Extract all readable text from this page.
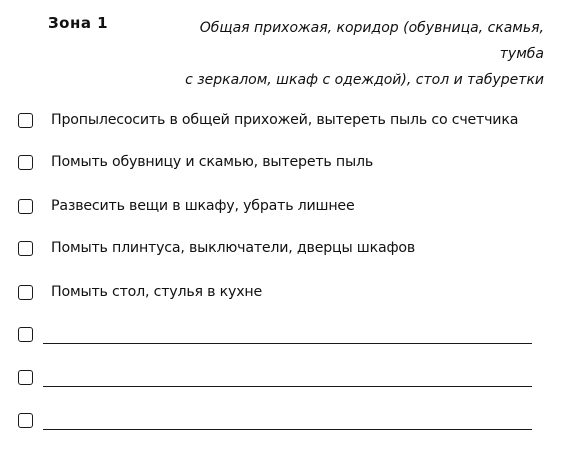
Зона 1	Общая прихожая, коридор (обувница, скамья, тумба
с зеркалом, шкаф с одеждой), стол и табуретки
Пропылесосить в общей прихожей, вытереть пыль со счетчика
Помыть обувницу и скамью, вытереть пыль
Развесить вещи в шкафу, убрать лишнее
Помыть плинтуса, выключатели, дверцы шкафов
Помыть стол, стулья в кухне
